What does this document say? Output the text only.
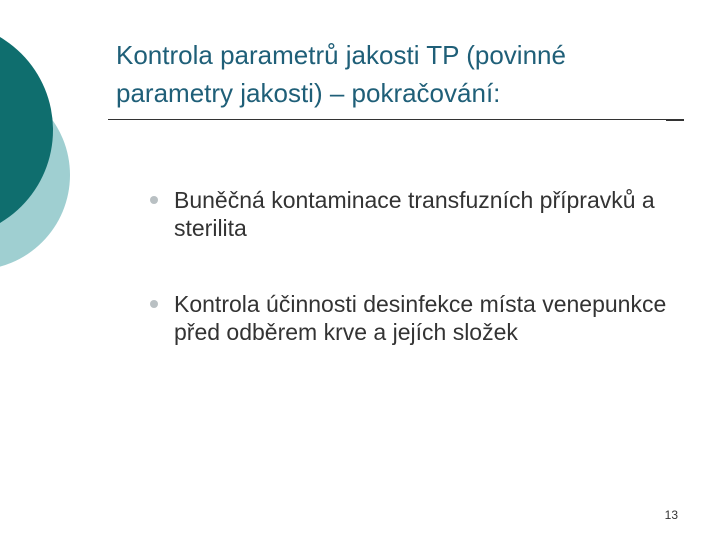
Kontrola parametrů jakosti TP (povinné parametry jakosti) – pokračování:
Buněčná kontaminace transfuzních přípravků a sterilita
Kontrola účinnosti desinfekce místa venepunkce před odběrem krve a jejích složek
13
